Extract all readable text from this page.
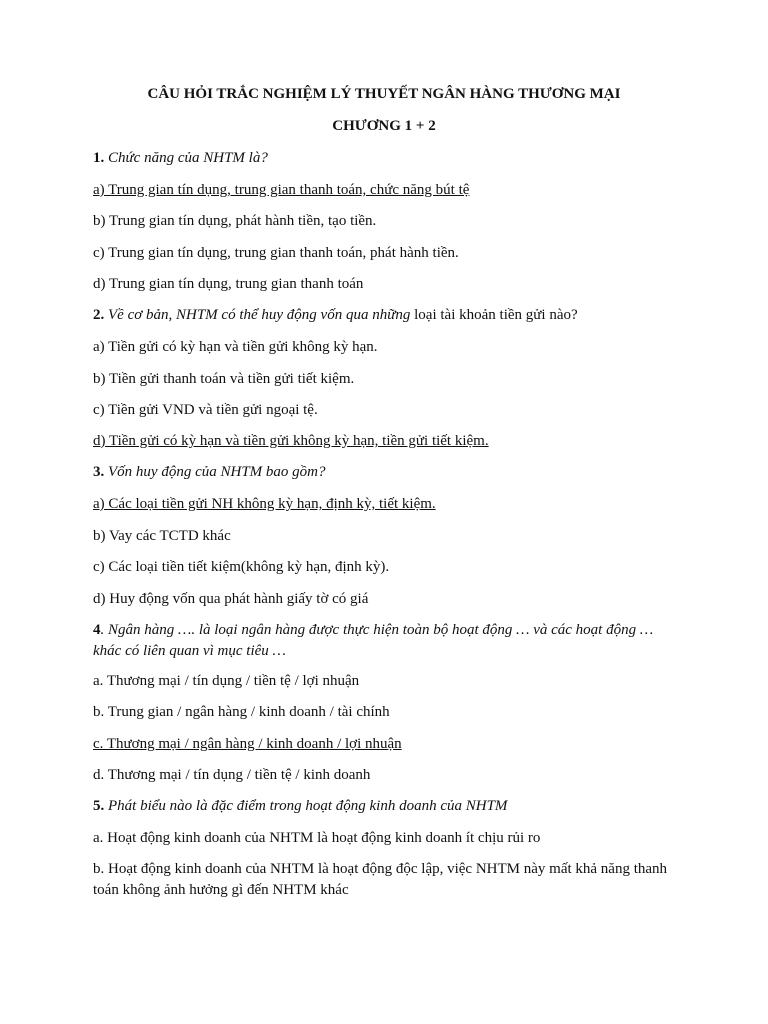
CÂU HỎI TRẮC NGHIỆM LÝ THUYẾT NGÂN HÀNG THƯƠNG MẠI
CHƯƠNG 1 + 2
1. Chức năng của NHTM là?
a) Trung gian tín dụng, trung gian thanh toán, chức năng bút tệ
b) Trung gian tín dụng, phát hành tiền, tạo tiền.
c) Trung gian tín dụng, trung gian thanh toán, phát hành tiền.
d) Trung gian tín dụng, trung gian thanh toán
2. Về cơ bản, NHTM có thể huy động vốn qua những loại tài khoản tiền gửi nào?
a) Tiền gửi có kỳ hạn và tiền gửi không kỳ hạn.
b) Tiền gửi thanh toán và tiền gửi tiết kiệm.
c) Tiền gửi VND và tiền gửi ngoại tệ.
d) Tiền gửi có kỳ hạn và tiền gửi không kỳ hạn, tiền gửi tiết kiệm.
3. Vốn huy động của NHTM bao gồm?
a) Các loại tiền gửi NH không kỳ hạn, định kỳ, tiết kiệm.
b) Vay các TCTD khác
c) Các loại tiền tiết kiệm(không kỳ hạn, định kỳ).
d) Huy động vốn qua phát hành giấy tờ có giá
4. Ngân hàng …. là loại ngân hàng được thực hiện toàn bộ hoạt động … và các hoạt động … khác có liên quan vì mục tiêu …
a. Thương mại / tín dụng / tiền tệ / lợi nhuận
b. Trung gian / ngân hàng / kinh doanh / tài chính
c. Thương mại / ngân hàng / kinh doanh / lợi nhuận
d. Thương mại / tín dụng / tiền tệ / kinh doanh
5. Phát biểu nào là đặc điểm trong hoạt động kinh doanh của NHTM
a. Hoạt động kinh doanh của NHTM là hoạt động kinh doanh ít chịu rủi ro
b. Hoạt động kinh doanh của NHTM là hoạt động độc lập, việc NHTM này mất khả năng thanh toán không ảnh hưởng gì đến NHTM khác
